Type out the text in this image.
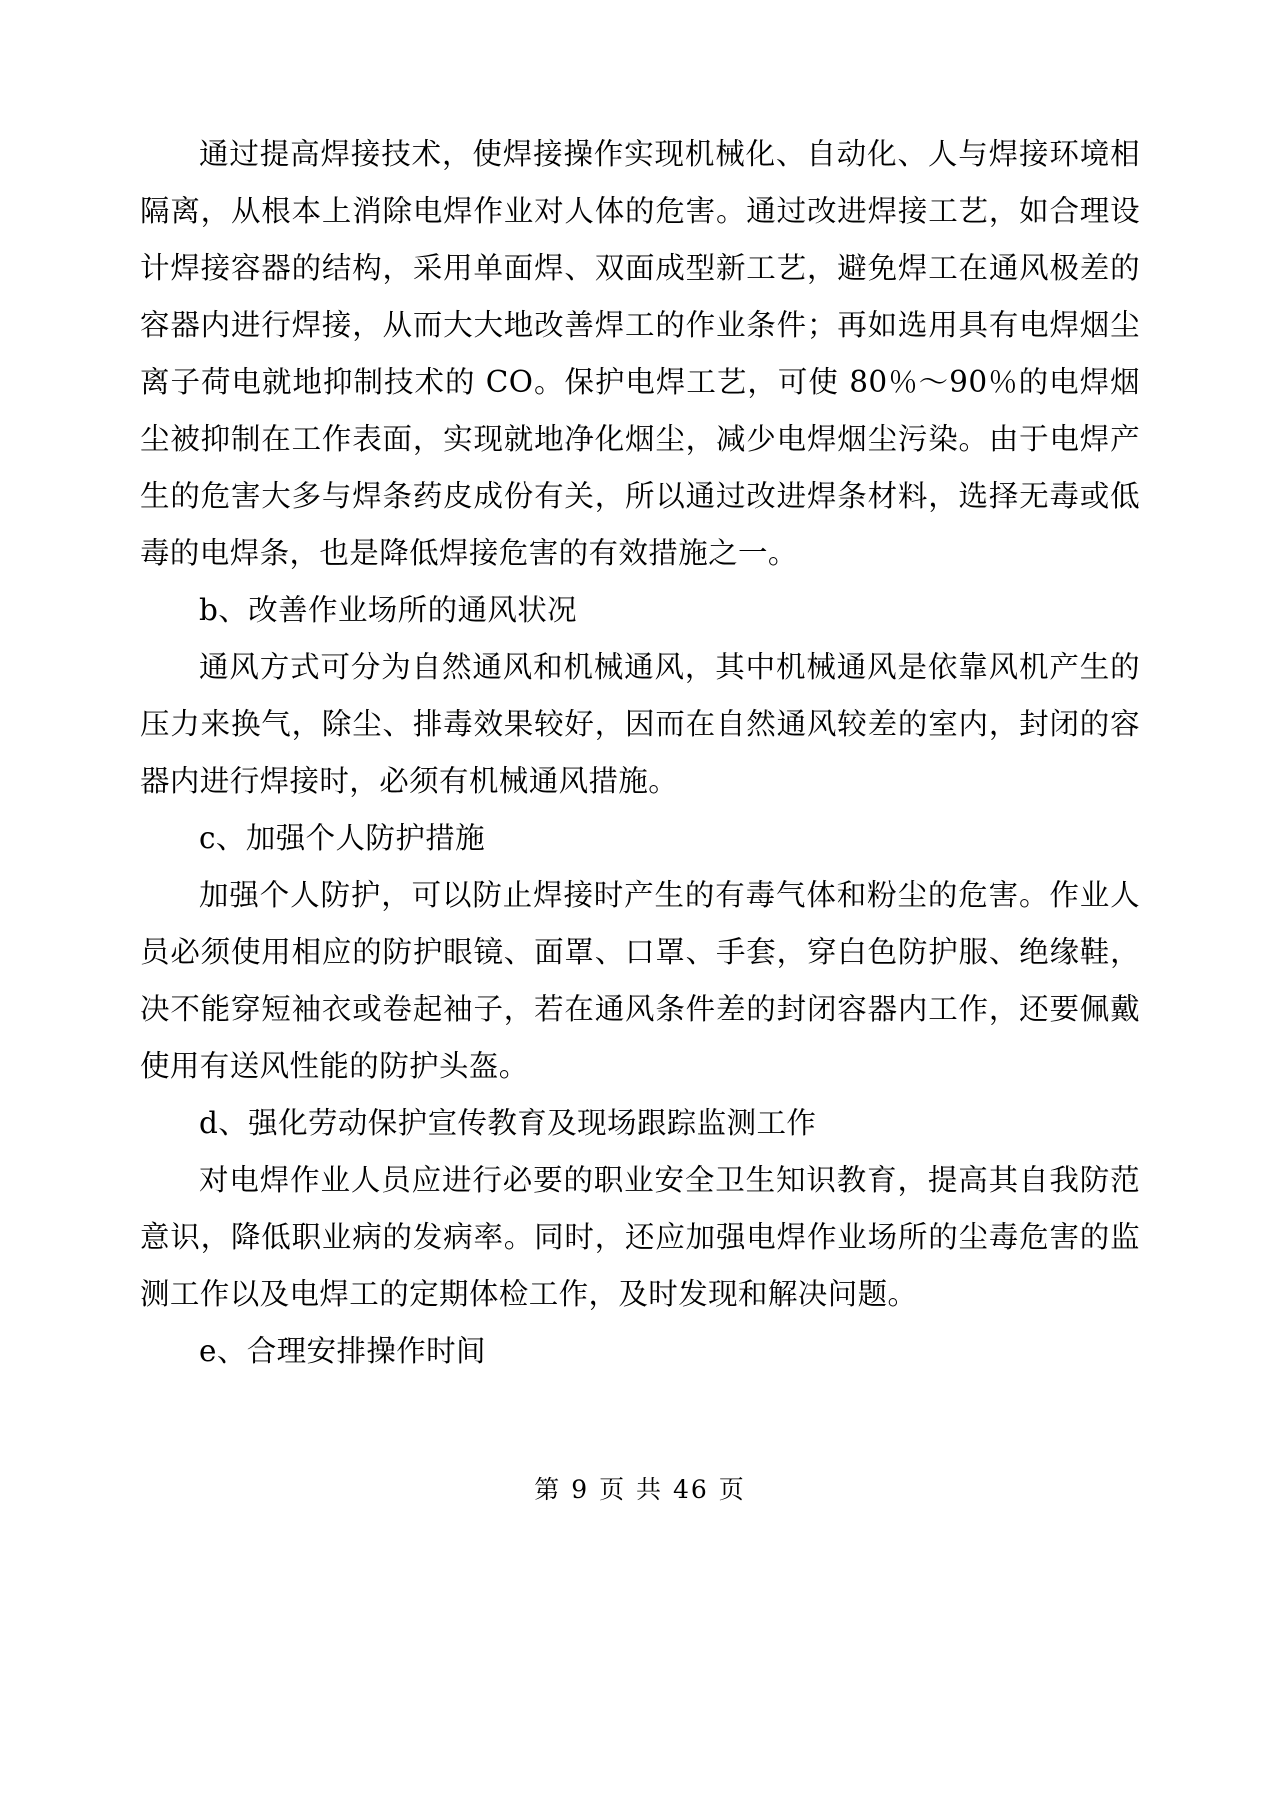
通过提高焊接技术，使焊接操作实现机械化、自动化、人与焊接环境相隔离，从根本上消除电焊作业对人体的危害。通过改进焊接工艺，如合理设计焊接容器的结构，采用单面焊、双面成型新工艺，避免焊工在通风极差的容器内进行焊接，从而大大地改善焊工的作业条件；再如选用具有电焊烟尘离子荷电就地抑制技术的 CO。保护电焊工艺，可使 80％～90％的电焊烟尘被抑制在工作表面，实现就地净化烟尘，减少电焊烟尘污染。由于电焊产生的危害大多与焊条药皮成份有关，所以通过改进焊条材料，选择无毒或低毒的电焊条，也是降低焊接危害的有效措施之一。

b、改善作业场所的通风状况

通风方式可分为自然通风和机械通风，其中机械通风是依靠风机产生的压力来换气，除尘、排毒效果较好，因而在自然通风较差的室内，封闭的容器内进行焊接时，必须有机械通风措施。

c、加强个人防护措施

加强个人防护，可以防止焊接时产生的有毒气体和粉尘的危害。作业人员必须使用相应的防护眼镜、面罩、口罩、手套，穿白色防护服、绝缘鞋，决不能穿短袖衣或卷起袖子，若在通风条件差的封闭容器内工作，还要佩戴使用有送风性能的防护头盔。

d、强化劳动保护宣传教育及现场跟踪监测工作

对电焊作业人员应进行必要的职业安全卫生知识教育，提高其自我防范意识，降低职业病的发病率。同时，还应加强电焊作业场所的尘毒危害的监测工作以及电焊工的定期体检工作，及时发现和解决问题。

e、合理安排操作时间

第 9 页 共 46 页
